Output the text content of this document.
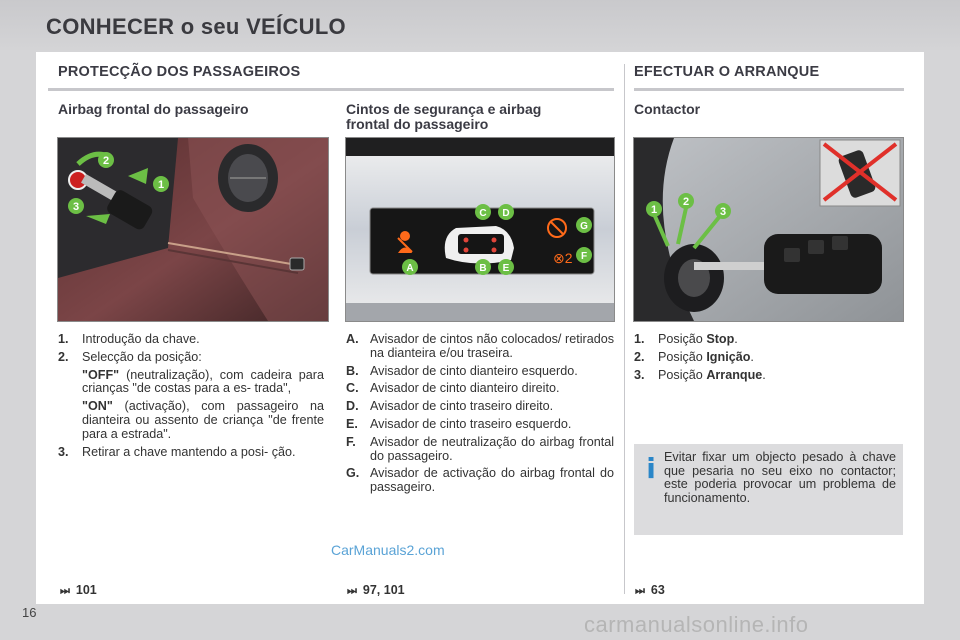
CONHECER o seu VEÍCULO
PROTECÇÃO DOS PASSAGEIROS	EFECTUAR O ARRANQUE
Airbag frontal do passageiro	Cintos de segurança e airbag
frontal do passageiro
Contactor
1
2
3
⊗2
A	B
C D
E
F
G
1
2
3
1.	Introdução da chave.
2.	Selecção da posição:
"OFF" (neutralização), com cadeira para crianças "de costas para a es- trada",
"ON" (activação), com passageiro na dianteira ou assento de criança "de frente para a estrada".
3.	Retirar a chave mantendo a posi- ção.
A. Avisador de cintos não colocados/ retirados na dianteira e/ou traseira.
B. Avisador de cinto dianteiro esquerdo.
C. Avisador de cinto dianteiro direito.
D. Avisador de cinto traseiro direito.
E. Avisador de cinto traseiro esquerdo.
F.	Avisador de neutralização do airbag frontal do passageiro.
G. Avisador de activação do airbag frontal do passageiro.
1.	Posição Stop.
2.	Posição Ignição.
3.	Posição Arranque.
i Evitar fixar um objecto pesado à chave que pesaria no seu eixo no contactor; este poderia provocar um problema de funcionamento.
CarManuals2.com
⏭ 101	⏭ 97, 101	⏭ 63
16	carmanualsonline.info
